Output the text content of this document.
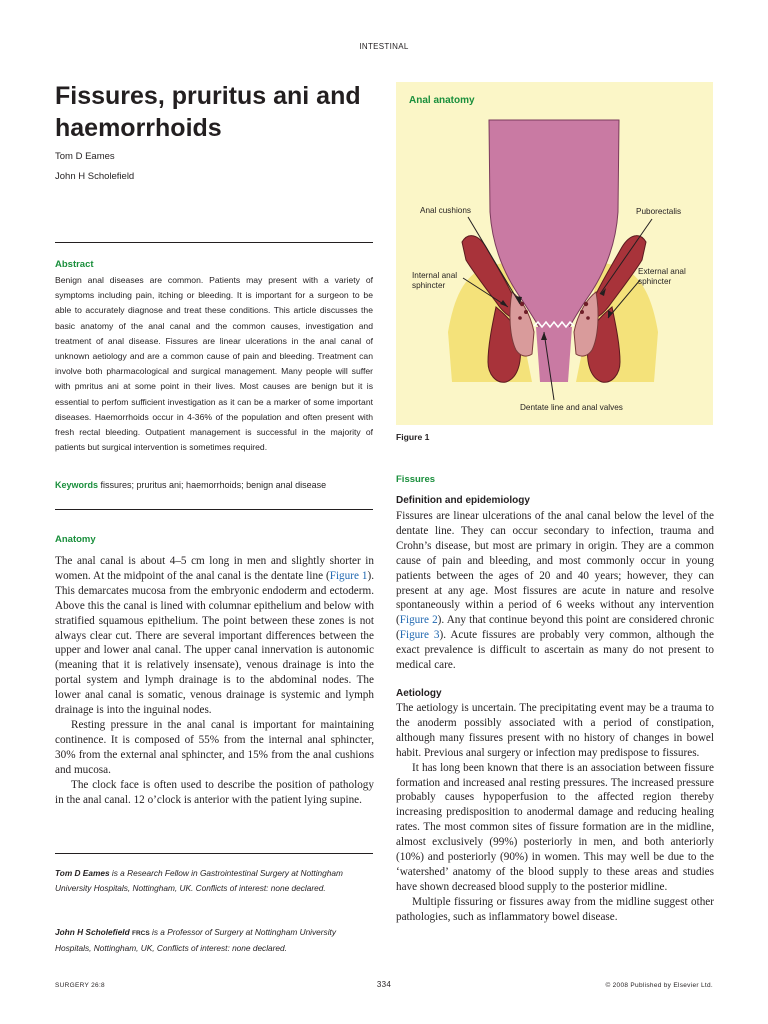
INTESTINAL
Fissures, pruritus ani and haemorrhoids
Tom D Eames
John H Scholefield
Abstract
Benign anal diseases are common. Patients may present with a variety of symptoms including pain, itching or bleeding. It is important for a surgeon to be able to accurately diagnose and treat these conditions. This article discusses the basic anatomy of the anal canal and the common causes, investigation and treatment of anal disease. Fissures are linear ulcerations in the anal canal of unknown aetiology and are a common cause of pain and bleeding. Treatment can involve both pharmacological and surgical management. Many people will suffer with pmritus ani at some point in their lives. Most causes are benign but it is essential to perfom sufficient investigation as it can be a marker of some important diseases. Haemorrhoids occur in 4-36% of the population and often present with fresh rectal bleeding. Outpatient management is successful in the majority of patients but surgical intervention is sometimes required.
Keywords fissures; pruritus ani; haemorrhoids; benign anal disease
Anatomy

The anal canal is about 4–5 cm long in men and slightly shorter in women. At the midpoint of the anal canal is the dentate line (Figure 1). This demarcates mucosa from the embryonic endoderm and ectoderm. Above this the canal is lined with columnar epithelium and below with stratified squamous epithelium. The point between these zones is not always clear cut. There are several important differences between the upper and lower anal canal. The upper canal innervation is autonomic (meaning that it is relatively insensate), venous drainage is into the portal system and lymph drainage is to the abdominal nodes. The lower anal canal is somatic, venous drainage is systemic and lymph drainage is into the inguinal nodes.

Resting pressure in the anal canal is important for maintaining continence. It is composed of 55% from the internal anal sphincter, 30% from the external anal sphincter, and 15% from the anal cushions and mucosa.

The clock face is often used to describe the position of pathology in the anal canal. 12 o’clock is anterior with the patient lying supine.

Tom D Eames is a Research Fellow in Gastrointestinal Surgery at Nottingham University Hospitals, Nottingham, UK. Conflicts of interest: none declared.
John H Scholefield FRCS is a Professor of Surgery at Nottingham University Hospitals, Nottingham, UK, Conflicts of interest: none declared.
Anal anatomy
Anal cushions	Puborectalis
Internal anal
sphincter
External anal
sphincter
Dentate line and anal valves
Figure 1
Fissures
Definition and epidemiology

Fissures are linear ulcerations of the anal canal below the level of the dentate line. They can occur secondary to infection, trauma and Crohn’s disease, but most are primary in origin. They are a common cause of pain and bleeding, and most commonly occur in young patients between the ages of 20 and 40 years; however, they can present at any age. Most fissures are acute in nature and resolve spontaneously within a period of 6 weeks without any intervention (Figure 2). Any that continue beyond this point are considered chronic (Figure 3). Acute fissures are probably very common, although the exact prevalence is difficult to ascertain as many do not present to medical care.

Aetiology

The aetiology is uncertain. The precipitating event may be a trauma to the anoderm possibly associated with a period of constipation, although many fissures present with no history of changes in bowel habit. Previous anal surgery or infection may predispose to fissures.

It has long been known that there is an association between fissure formation and increased anal resting pressures. The increased pressure probably causes hypoperfusion to the affected region thereby increasing predisposition to anodermal damage and reducing healing rates. The most common sites of fissure formation are in the midline, almost exclusively (99%) posteriorly in men, and both anteriorly (10%) and posteriorly (90%) in women. This may well be due to the ‘watershed’ anatomy of the blood supply to these areas and studies have shown decreased blood supply to the posterior midline.

Multiple fissuring or fissures away from the midline suggest other pathologies, such as inflammatory bowel disease.

SURGERY 26:8	334	© 2008 Published by Elsevier Ltd.
